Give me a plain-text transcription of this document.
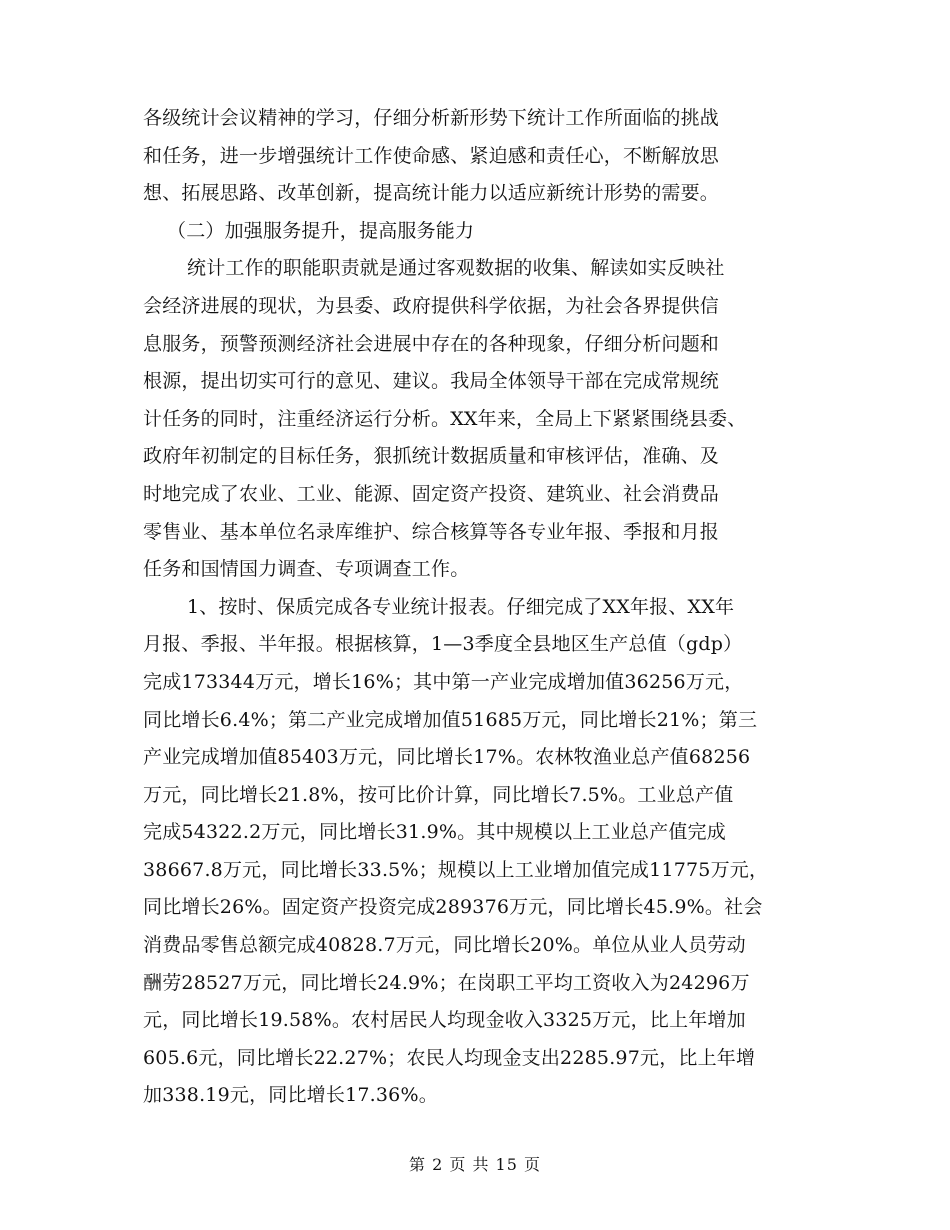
各级统计会议精神的学习，仔细分析新形势下统计工作所面临的挑战
和任务，进一步增强统计工作使命感、紧迫感和责任心，不断解放思
想、拓展思路、改革创新，提高统计能力以适应新统计形势的需要。
（二）加强服务提升，提高服务能力
统计工作的职能职责就是通过客观数据的收集、解读如实反映社
会经济进展的现状，为县委、政府提供科学依据，为社会各界提供信
息服务，预警预测经济社会进展中存在的各种现象，仔细分析问题和
根源，提出切实可行的意见、建议。我局全体领导干部在完成常规统
计任务的同时，注重经济运行分析。XX年来，全局上下紧紧围绕县委、
政府年初制定的目标任务，狠抓统计数据质量和审核评估，准确、及
时地完成了农业、工业、能源、固定资产投资、建筑业、社会消费品
零售业、基本单位名录库维护、综合核算等各专业年报、季报和月报
任务和国情国力调查、专项调查工作。
1、按时、保质完成各专业统计报表。仔细完成了XX年报、XX年
月报、季报、半年报。根据核算，1—3季度全县地区生产总值（gdp）
完成173344万元，增长16%；其中第一产业完成增加值36256万元，
同比增长6.4%；第二产业完成增加值51685万元，同比增长21%；第三
产业完成增加值85403万元，同比增长17%。农林牧渔业总产值68256
万元，同比增长21.8%，按可比价计算，同比增长7.5%。工业总产值
完成54322.2万元，同比增长31.9%。其中规模以上工业总产值完成
38667.8万元，同比增长33.5%；规模以上工业增加值完成11775万元，
同比增长26%。固定资产投资完成289376万元，同比增长45.9%。社会
消费品零售总额完成40828.7万元，同比增长20%。单位从业人员劳动
酬劳28527万元，同比增长24.9%；在岗职工平均工资收入为24296万
元，同比增长19.58%。农村居民人均现金收入3325万元，比上年增加
605.6元，同比增长22.27%；农民人均现金支出2285.97元，比上年增
加338.19元，同比增长17.36%。
第 2 页 共 15 页
